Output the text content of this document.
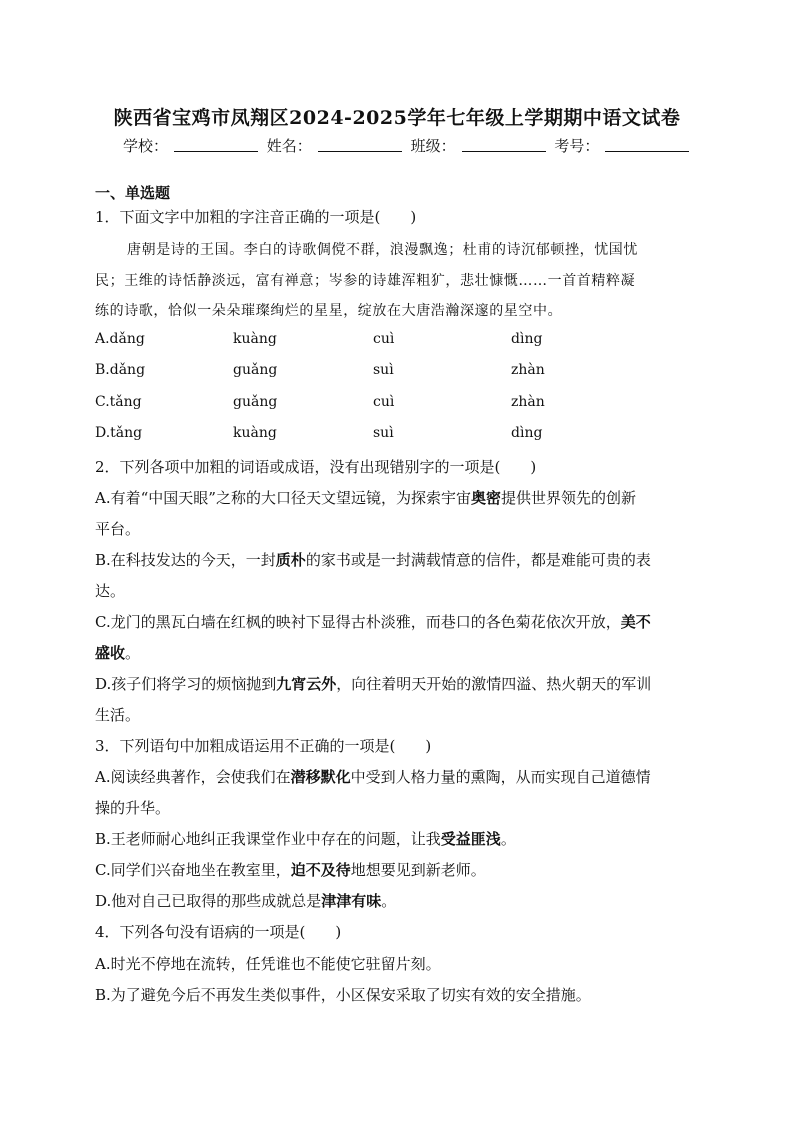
陕西省宝鸡市凤翔区2024-2025学年七年级上学期期中语文试卷
学校：	姓名：	班级：	考号：
一、单选题
1．下面文字中加粗的字注音正确的一项是(　　)
唐朝是诗的王国。李白的诗歌倜傥不群，浪漫飘逸；杜甫的诗沉郁顿挫，忧国忧
民；王维的诗恬静淡远，富有禅意；岑参的诗雄浑粗犷，悲壮慷慨……一首首精粹凝
练的诗歌，恰似一朵朵璀璨绚烂的星星，绽放在大唐浩瀚深邃的星空中。
A.dǎng	kuàng	cuì	dìng
B.dǎng	guǎng	suì	zhàn
C.tǎng	guǎng	cuì	zhàn
D.tǎng	kuàng	suì	dìng
2．下列各项中加粗的词语或成语，没有出现错别字的一项是(　　)
A.有着“中国天眼”之称的大口径天文望远镜，为探索宇宙奥密提供世界领先的创新
平台。
B.在科技发达的今天，一封质朴的家书或是一封满载情意的信件，都是难能可贵的表
达。
C.龙门的黑瓦白墙在红枫的映衬下显得古朴淡雅，而巷口的各色菊花依次开放，美不
盛收。
D.孩子们将学习的烦恼抛到九宵云外，向往着明天开始的激情四溢、热火朝天的军训
生活。
3．下列语句中加粗成语运用不正确的一项是(　　)
A.阅读经典著作，会使我们在潜移默化中受到人格力量的熏陶，从而实现自己道德情
操的升华。
B.王老师耐心地纠正我课堂作业中存在的问题，让我受益匪浅。
C.同学们兴奋地坐在教室里，迫不及待地想要见到新老师。
D.他对自己已取得的那些成就总是津津有味。
4．下列各句没有语病的一项是(　　)
A.时光不停地在流转，任凭谁也不能使它驻留片刻。
B.为了避免今后不再发生类似事件，小区保安采取了切实有效的安全措施。
